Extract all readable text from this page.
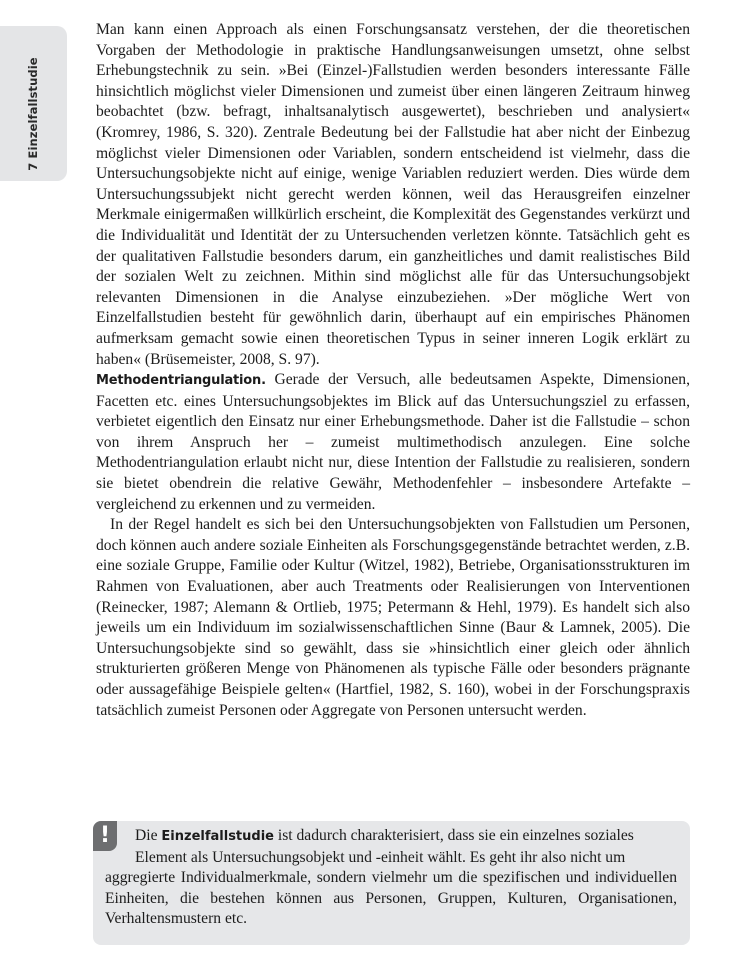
7 Einzelfallstudie

Man kann einen Approach als einen Forschungsansatz verstehen, der die theoretischen Vorgaben der Methodologie in praktische Handlungsanweisungen umsetzt, ohne selbst Erhebungstechnik zu sein. »Bei (Einzel-)Fallstudien werden besonders interessante Fälle hinsichtlich möglichst vieler Dimensionen und zumeist über einen längeren Zeitraum hinweg beobachtet (bzw. befragt, inhaltsanalytisch ausgewertet), beschrieben und analysiert« (Kromrey, 1986, S. 320). Zentrale Bedeutung bei der Fallstudie hat aber nicht der Einbezug möglichst vieler Dimensionen oder Variablen, sondern entscheidend ist vielmehr, dass die Untersuchungsobjekte nicht auf einige, wenige Variablen reduziert werden. Dies würde dem Untersuchungssubjekt nicht gerecht werden können, weil das Herausgreifen einzelner Merkmale einigermaßen willkürlich erscheint, die Komplexität des Gegenstandes verkürzt und die Individualität und Identität der zu Untersuchenden verletzen könnte. Tatsächlich geht es der qualitativen Fallstudie besonders darum, ein ganzheitliches und damit realistisches Bild der sozialen Welt zu zeichnen. Mithin sind möglichst alle für das Untersuchungsobjekt relevanten Dimensionen in die Analyse einzubeziehen. »Der mögliche Wert von Einzelfallstudien besteht für gewöhnlich darin, überhaupt auf ein empirisches Phänomen aufmerksam gemacht sowie einen theoretischen Typus in seiner inneren Logik erklärt zu haben« (Brüsemeister, 2008, S. 97).

Methodentriangulation. Gerade der Versuch, alle bedeutsamen Aspekte, Dimensionen, Facetten etc. eines Untersuchungsobjektes im Blick auf das Untersuchungsziel zu erfassen, verbietet eigentlich den Einsatz nur einer Erhebungsmethode. Daher ist die Fallstudie – schon von ihrem Anspruch her – zumeist multimethodisch anzulegen. Eine solche Methodentriangulation erlaubt nicht nur, diese Intention der Fallstudie zu realisieren, sondern sie bietet obendrein die relative Gewähr, Methodenfehler – insbesondere Artefakte – vergleichend zu erkennen und zu vermeiden.

In der Regel handelt es sich bei den Untersuchungsobjekten von Fallstudien um Personen, doch können auch andere soziale Einheiten als Forschungsgegenstände betrachtet werden, z.B. eine soziale Gruppe, Familie oder Kultur (Witzel, 1982), Betriebe, Organisationsstrukturen im Rahmen von Evaluationen, aber auch Treatments oder Realisierungen von Interventionen (Reinecker, 1987; Alemann & Ortlieb, 1975; Petermann & Hehl, 1979). Es handelt sich also jeweils um ein Individuum im sozialwissenschaftlichen Sinne (Baur & Lamnek, 2005). Die Untersuchungsobjekte sind so gewählt, dass sie »hinsichtlich einer gleich oder ähnlich strukturierten größeren Menge von Phänomenen als typische Fälle oder besonders prägnante oder aussagefähige Beispiele gelten« (Hartfiel, 1982, S. 160), wobei in der Forschungspraxis tatsächlich zumeist Personen oder Aggregate von Personen untersucht werden.

!	Die Einzelfallstudie ist dadurch charakterisiert, dass sie ein einzelnes soziales
Element als Untersuchungsobjekt und -einheit wählt. Es geht ihr also nicht um
aggregierte Individualmerkmale, sondern vielmehr um die spezifischen und individuellen Einheiten, die bestehen können aus Personen, Gruppen, Kulturen, Organisationen, Verhaltensmustern etc.
